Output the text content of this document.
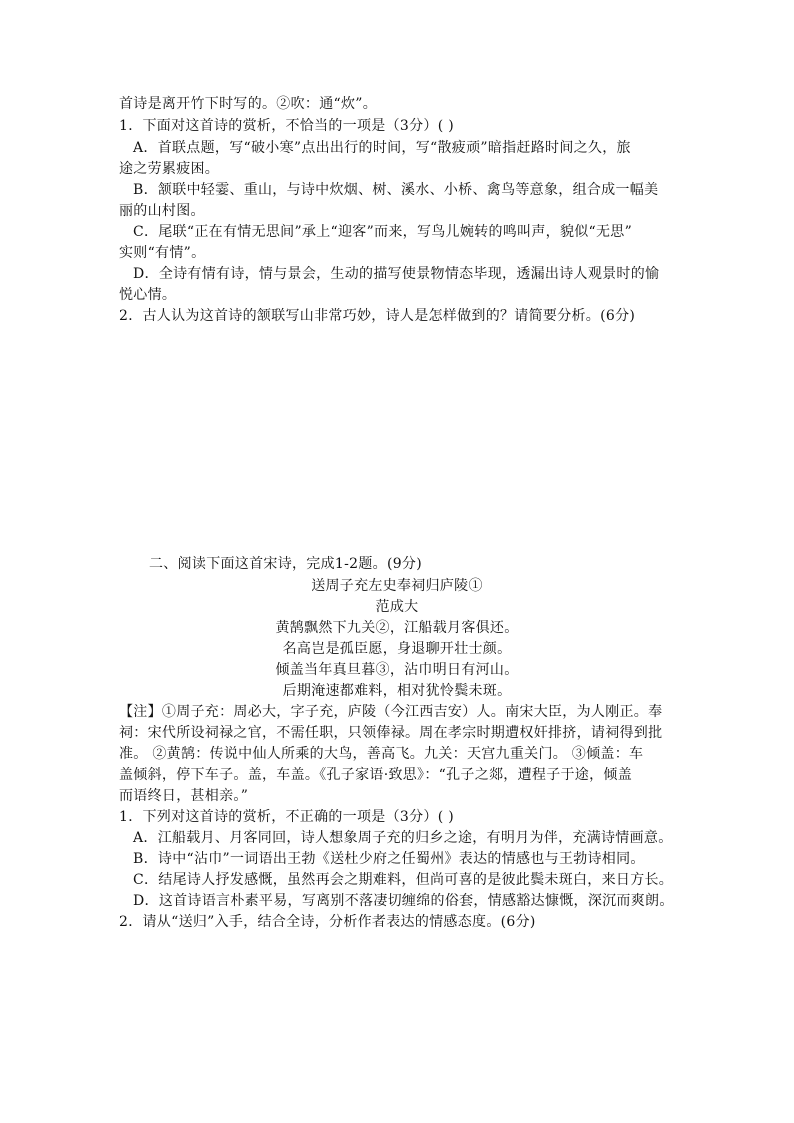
首诗是离开竹下时写的。②吹：通“炊”。
1．下面对这首诗的赏析，不恰当的一项是（3分）( )
A．首联点题，写“破小寒”点出出行的时间，写“散疲顽”暗指赶路时间之久，旅
途之劳累疲困。
B．颔联中轻霎、重山，与诗中炊烟、树、溪水、小桥、禽鸟等意象，组合成一幅美
丽的山村图。
C．尾联“正在有情无思间”承上“迎客”而来，写鸟儿婉转的鸣叫声，貌似“无思”
实则“有情”。
D．全诗有情有诗，情与景会，生动的描写使景物情态毕现，透漏出诗人观景时的愉
悦心情。
2．古人认为这首诗的颔联写山非常巧妙，诗人是怎样做到的？请简要分析。(6分)
二、阅读下面这首宋诗，完成1-2题。(9分)
送周子充左史奉祠归庐陵①
范成大
黄鹄飘然下九关②，江船载月客俱还。
名高岂是孤臣愿，身退聊开壮士颜。
倾盖当年真旦暮③，沾巾明日有河山。
后期淹速都难料，相对犹怜鬓未斑。
【注】①周子充：周必大，字子充，庐陵（今江西吉安）人。南宋大臣，为人刚正。奉
祠：宋代所设祠禄之官，不需任职，只领俸禄。周在孝宗时期遭权奸排挤，请祠得到批
准。 ②黄鹄：传说中仙人所乘的大鸟，善高飞。九关：天宫九重关门。 ③倾盖：车
盖倾斜，停下车子。盖，车盖。《孔子家语·致思》：“孔子之郯，遭程子于途，倾盖
而语终日，甚相亲。”
1．下列对这首诗的赏析，不正确的一项是（3分）( )
A．江船载月、月客同回，诗人想象周子充的归乡之途，有明月为伴，充满诗情画意。
B．诗中“沾巾”一词语出王勃《送杜少府之任蜀州》表达的情感也与王勃诗相同。
C．结尾诗人抒发感慨，虽然再会之期难料，但尚可喜的是彼此鬓未斑白，来日方长。
D．这首诗语言朴素平易，写离别不落凄切缠绵的俗套，情感豁达慷慨，深沉而爽朗。
2．请从“送归”入手，结合全诗，分析作者表达的情感态度。(6分)
